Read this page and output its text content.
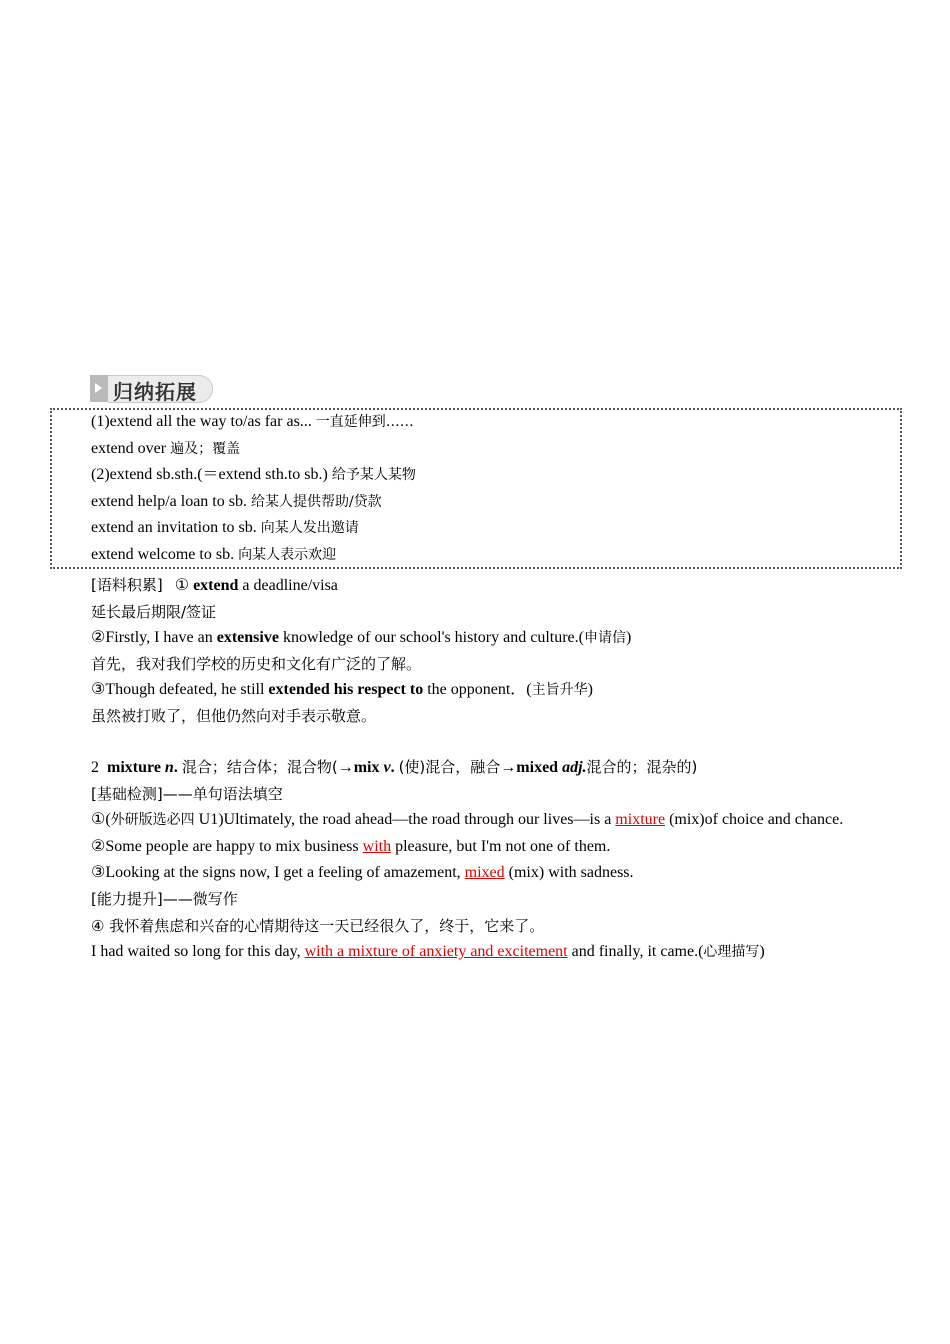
归纳拓展
(1)extend all the way to/as far as... 一直延伸到……
extend over 遍及；覆盖
(2)extend sb.sth.(＝extend sth.to sb.) 给予某人某物
extend help/a loan to sb. 给某人提供帮助/贷款
extend an invitation to sb. 向某人发出邀请
extend welcome to sb. 向某人表示欢迎
[语料积累] ① extend a deadline/visa
延长最后期限/签证
②Firstly, I have an extensive knowledge of our school's history and culture.(申请信)
首先，我对我们学校的历史和文化有广泛的了解。
③Though defeated, he still extended his respect to the opponent．(主旨升华)
虽然被打败了，但他仍然向对手表示敬意。
2 mixture n. 混合；结合体；混合物(→mix v. (使)混合，融合→mixed adj.混合的；混杂的)
[基础检测]——单句语法填空
①(外研版选必四 U1)Ultimately, the road ahead—the road through our lives—is a mixture (mix)of choice and chance.
②Some people are happy to mix business with pleasure, but I'm not one of them.
③Looking at the signs now, I get a feeling of amazement, mixed (mix) with sadness.
[能力提升]——微写作
④ 我怀着焦虑和兴奋的心情期待这一天已经很久了，终于，它来了。
I had waited so long for this day, with a mixture of anxiety and excitement and finally, it came.(心理描写)
